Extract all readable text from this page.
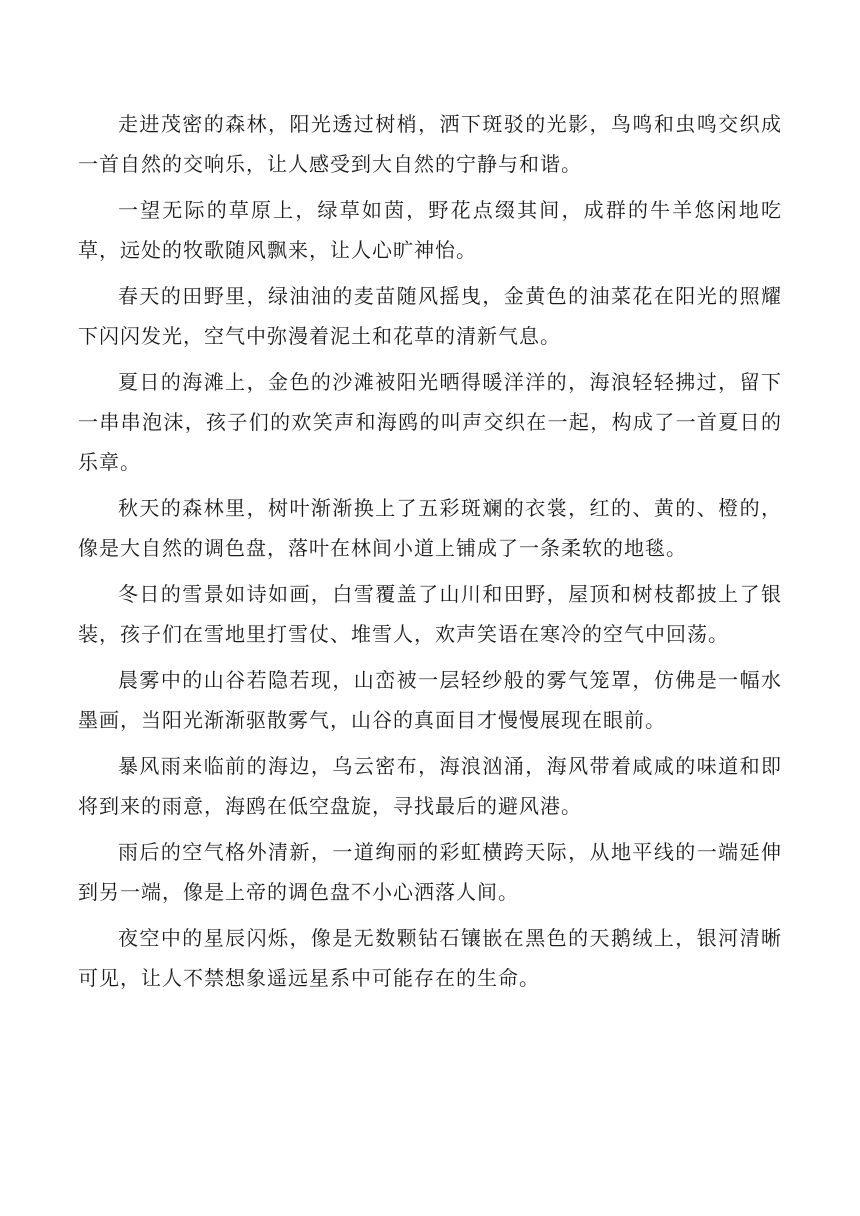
走进茂密的森林，阳光透过树梢，洒下斑驳的光影，鸟鸣和虫鸣交织成一首自然的交响乐，让人感受到大自然的宁静与和谐。

一望无际的草原上，绿草如茵，野花点缀其间，成群的牛羊悠闲地吃草，远处的牧歌随风飘来，让人心旷神怡。

春天的田野里，绿油油的麦苗随风摇曳，金黄色的油菜花在阳光的照耀下闪闪发光，空气中弥漫着泥土和花草的清新气息。

夏日的海滩上，金色的沙滩被阳光晒得暖洋洋的，海浪轻轻拂过，留下一串串泡沫，孩子们的欢笑声和海鸥的叫声交织在一起，构成了一首夏日的乐章。

秋天的森林里，树叶渐渐换上了五彩斑斓的衣裳，红的、黄的、橙的，像是大自然的调色盘，落叶在林间小道上铺成了一条柔软的地毯。

冬日的雪景如诗如画，白雪覆盖了山川和田野，屋顶和树枝都披上了银装，孩子们在雪地里打雪仗、堆雪人，欢声笑语在寒冷的空气中回荡。

晨雾中的山谷若隐若现，山峦被一层轻纱般的雾气笼罩，仿佛是一幅水墨画，当阳光渐渐驱散雾气，山谷的真面目才慢慢展现在眼前。

暴风雨来临前的海边，乌云密布，海浪汹涌，海风带着咸咸的味道和即将到来的雨意，海鸥在低空盘旋，寻找最后的避风港。

雨后的空气格外清新，一道绚丽的彩虹横跨天际，从地平线的一端延伸到另一端，像是上帝的调色盘不小心洒落人间。

夜空中的星辰闪烁，像是无数颗钻石镶嵌在黑色的天鹅绒上，银河清晰可见，让人不禁想象遥远星系中可能存在的生命。
